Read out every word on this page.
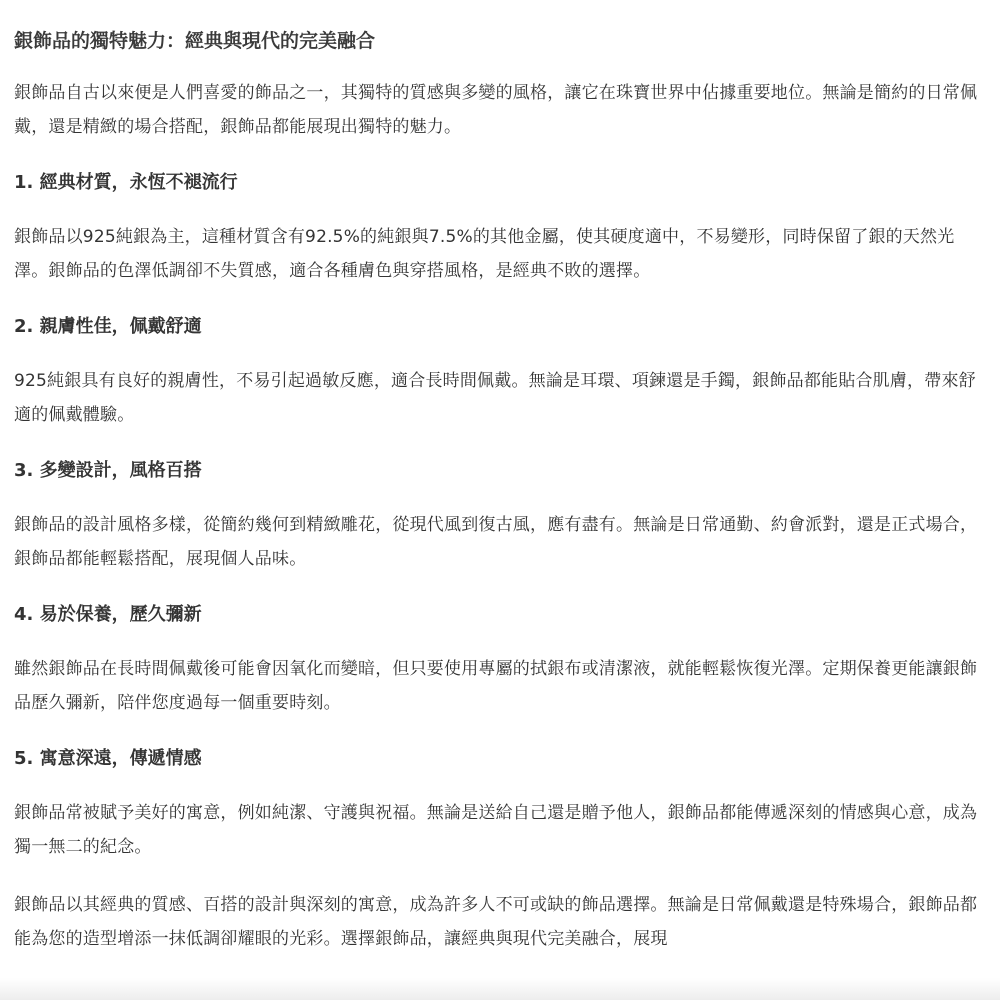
銀飾品的獨特魅力：經典與現代的完美融合

銀飾品自古以來便是人們喜愛的飾品之一，其獨特的質感與多變的風格，讓它在珠寶世界中佔據重要地位。無論是簡約的日常佩戴，還是精緻的場合搭配，銀飾品都能展現出獨特的魅力。

1. 經典材質，永恆不褪流行

銀飾品以925純銀為主，這種材質含有92.5%的純銀與7.5%的其他金屬，使其硬度適中，不易變形，同時保留了銀的天然光澤。銀飾品的色澤低調卻不失質感，適合各種膚色與穿搭風格，是經典不敗的選擇。

2. 親膚性佳，佩戴舒適

925純銀具有良好的親膚性，不易引起過敏反應，適合長時間佩戴。無論是耳環、項鍊還是手鐲，銀飾品都能貼合肌膚，帶來舒適的佩戴體驗。

3. 多變設計，風格百搭

銀飾品的設計風格多樣，從簡約幾何到精緻雕花，從現代風到復古風，應有盡有。無論是日常通勤、約會派對，還是正式場合，銀飾品都能輕鬆搭配，展現個人品味。

4. 易於保養，歷久彌新

雖然銀飾品在長時間佩戴後可能會因氧化而變暗，但只要使用專屬的拭銀布或清潔液，就能輕鬆恢復光澤。定期保養更能讓銀飾品歷久彌新，陪伴您度過每一個重要時刻。

5. 寓意深遠，傳遞情感

銀飾品常被賦予美好的寓意，例如純潔、守護與祝福。無論是送給自己還是贈予他人，銀飾品都能傳遞深刻的情感與心意，成為獨一無二的紀念。

銀飾品以其經典的質感、百搭的設計與深刻的寓意，成為許多人不可或缺的飾品選擇。無論是日常佩戴還是特殊場合，銀飾品都能為您的造型增添一抹低調卻耀眼的光彩。選擇銀飾品，讓經典與現代完美融合，展現
